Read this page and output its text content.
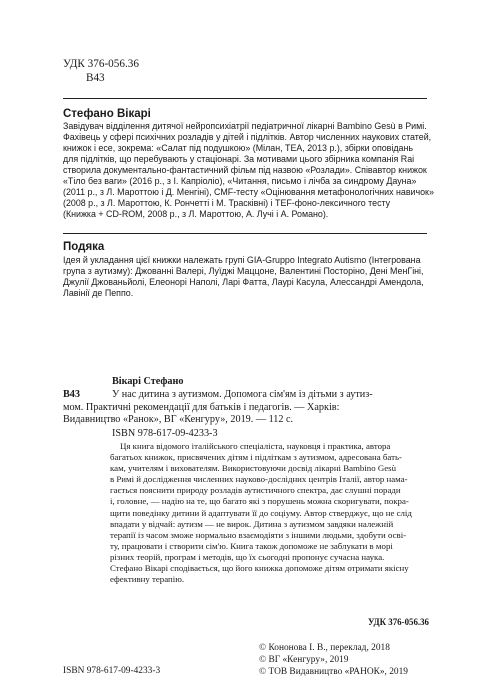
УДК 376-056.36
В43
Стефано Вікарі
Завідувач відділення дитячої нейропсихіатрії педіатричної лікарні Bambino Gesù в Римі.
Фахівець у сфері психічних розладів у дітей і підлітків. Автор численних наукових статей,
книжок і есе, зокрема: «Салат під подушкою» (Мілан, TEA, 2013 р.), збірки оповідань
для підлітків, що перебувають у стаціонарі. За мотивами цього збірника компанія Rai
створила документально-фантастичний фільм під назвою «Розлади». Співавтор книжок
«Тіло без ваги» (2016 р., з І. Капріоліо), «Читання, письмо і лічба за синдрому Дауна»
(2011 р., з Л. Мароттою і Д. Менгіні), CMF-тесту «Оцінювання метафонологічних навичок»
(2008 р., з Л. Мароттою, К. Рончетті і М. Трасківні) і TEF-фоно-лексичного тесту
(Книжка + CD-ROM, 2008 р., з Л. Мароттою, А. Лучі і А. Романо).
Подяка
Ідея й укладання цієї книжки належать групі GIA-Gruppo Integrato Autismo (Інтегрована
група з аутизму): Джованні Валері, Луїджі Маццоне, Валентині Посторіно, Дені МенГіні,
Джулії Джованьйолі, Елеонорі Наполі, Ларі Фатта, Лаурі Касула, Алессандрі Амендола,
Лавінії де Пеппо.
Вікарі Стефано
В43	У нас дитина з аутизмом. Допомога сім'ям із дітьми з аутиз-
мом. Практичні рекомендації для батьків і педагогів. — Харків:
Видавництво «Ранок», ВГ «Кенгуру», 2019. — 112 с.
ISBN 978-617-09-4233-3
Ця книга відомого італійського спеціаліста, науковця і практика, автора
багатьох книжок, присвячених дітям і підліткам з аутизмом, адресована бать-
кам, учителям і вихователям. Використовуючи досвід лікарні Bambino Gesù
в Римі й дослідження численних науково-дослідних центрів Італії, автор нама-
гається пояснити природу розладів аутистичного спектра, дає слушні поради
і, головне, — надію на те, що багато які з порушень можна скоригувати, покра-
щити поведінку дитини й адаптувати її до соціуму. Автор стверджує, що не слід
впадати у відчай: аутизм — не вирок. Дитина з аутизмом завдяки належній
терапії із часом зможе нормально взаємодіяти з іншими людьми, здобути осві-
ту, працювати і створити сім'ю. Книга також допоможе не заблукати в морі
різних теорій, програм і методів, що їх сьогодні пропонує сучасна наука.
Стефано Вікарі сподівається, що його книжка допоможе дітям отримати якісну
ефективну терапію.
УДК 376-056.36
© Кононова І. В., переклад, 2018
© ВГ «Кенгуру», 2019
© ТОВ Видавництво «РАНОК», 2019
ISBN 978-617-09-4233-3
